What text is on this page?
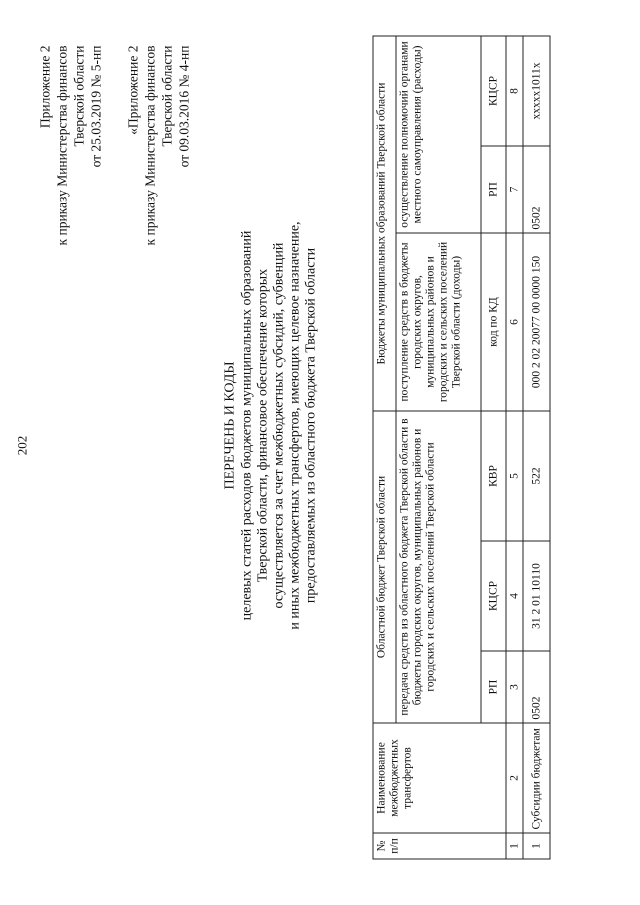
202
Приложение 2 к приказу Министерства финансов Тверской области от 25.03.2019 № 5-нп «Приложение 2 к приказу Министерства финансов Тверской области от 09.03.2016 № 4-нп
ПЕРЕЧЕНЬ И КОДЫ целевых статей расходов бюджетов муниципальных образований Тверской области, финансовое обеспечение которых осуществляется за счет межбюджетных субсидий, субвенций и иных межбюджетных трансфертов, имеющих целевое назначение, предоставляемых из областного бюджета Тверской области
№ п/п	Наименование межбюджетных трансфертов	Областной бюджет Тверской области			Бюджеты муниципальных образований Тверской области		
		передача средств из областного бюджета Тверской области в бюджеты городских округов, муниципальных районов и городских и сельских поселений Тверской области			поступление средств в бюджеты городских округов, муниципальных районов и городских и сельских поселений Тверской области (доходы)	осуществление полномочий органами местного самоуправления (расходы)	
		РП	КЦСР	КВР	код по КД	РП	КЦСР
1	2	3	4	5	6	7	8
1	Субсидии бюджетам	0502	31 2 01 10110	522	000 2 02 20077 00 0000 150	0502	ххххх1011х
